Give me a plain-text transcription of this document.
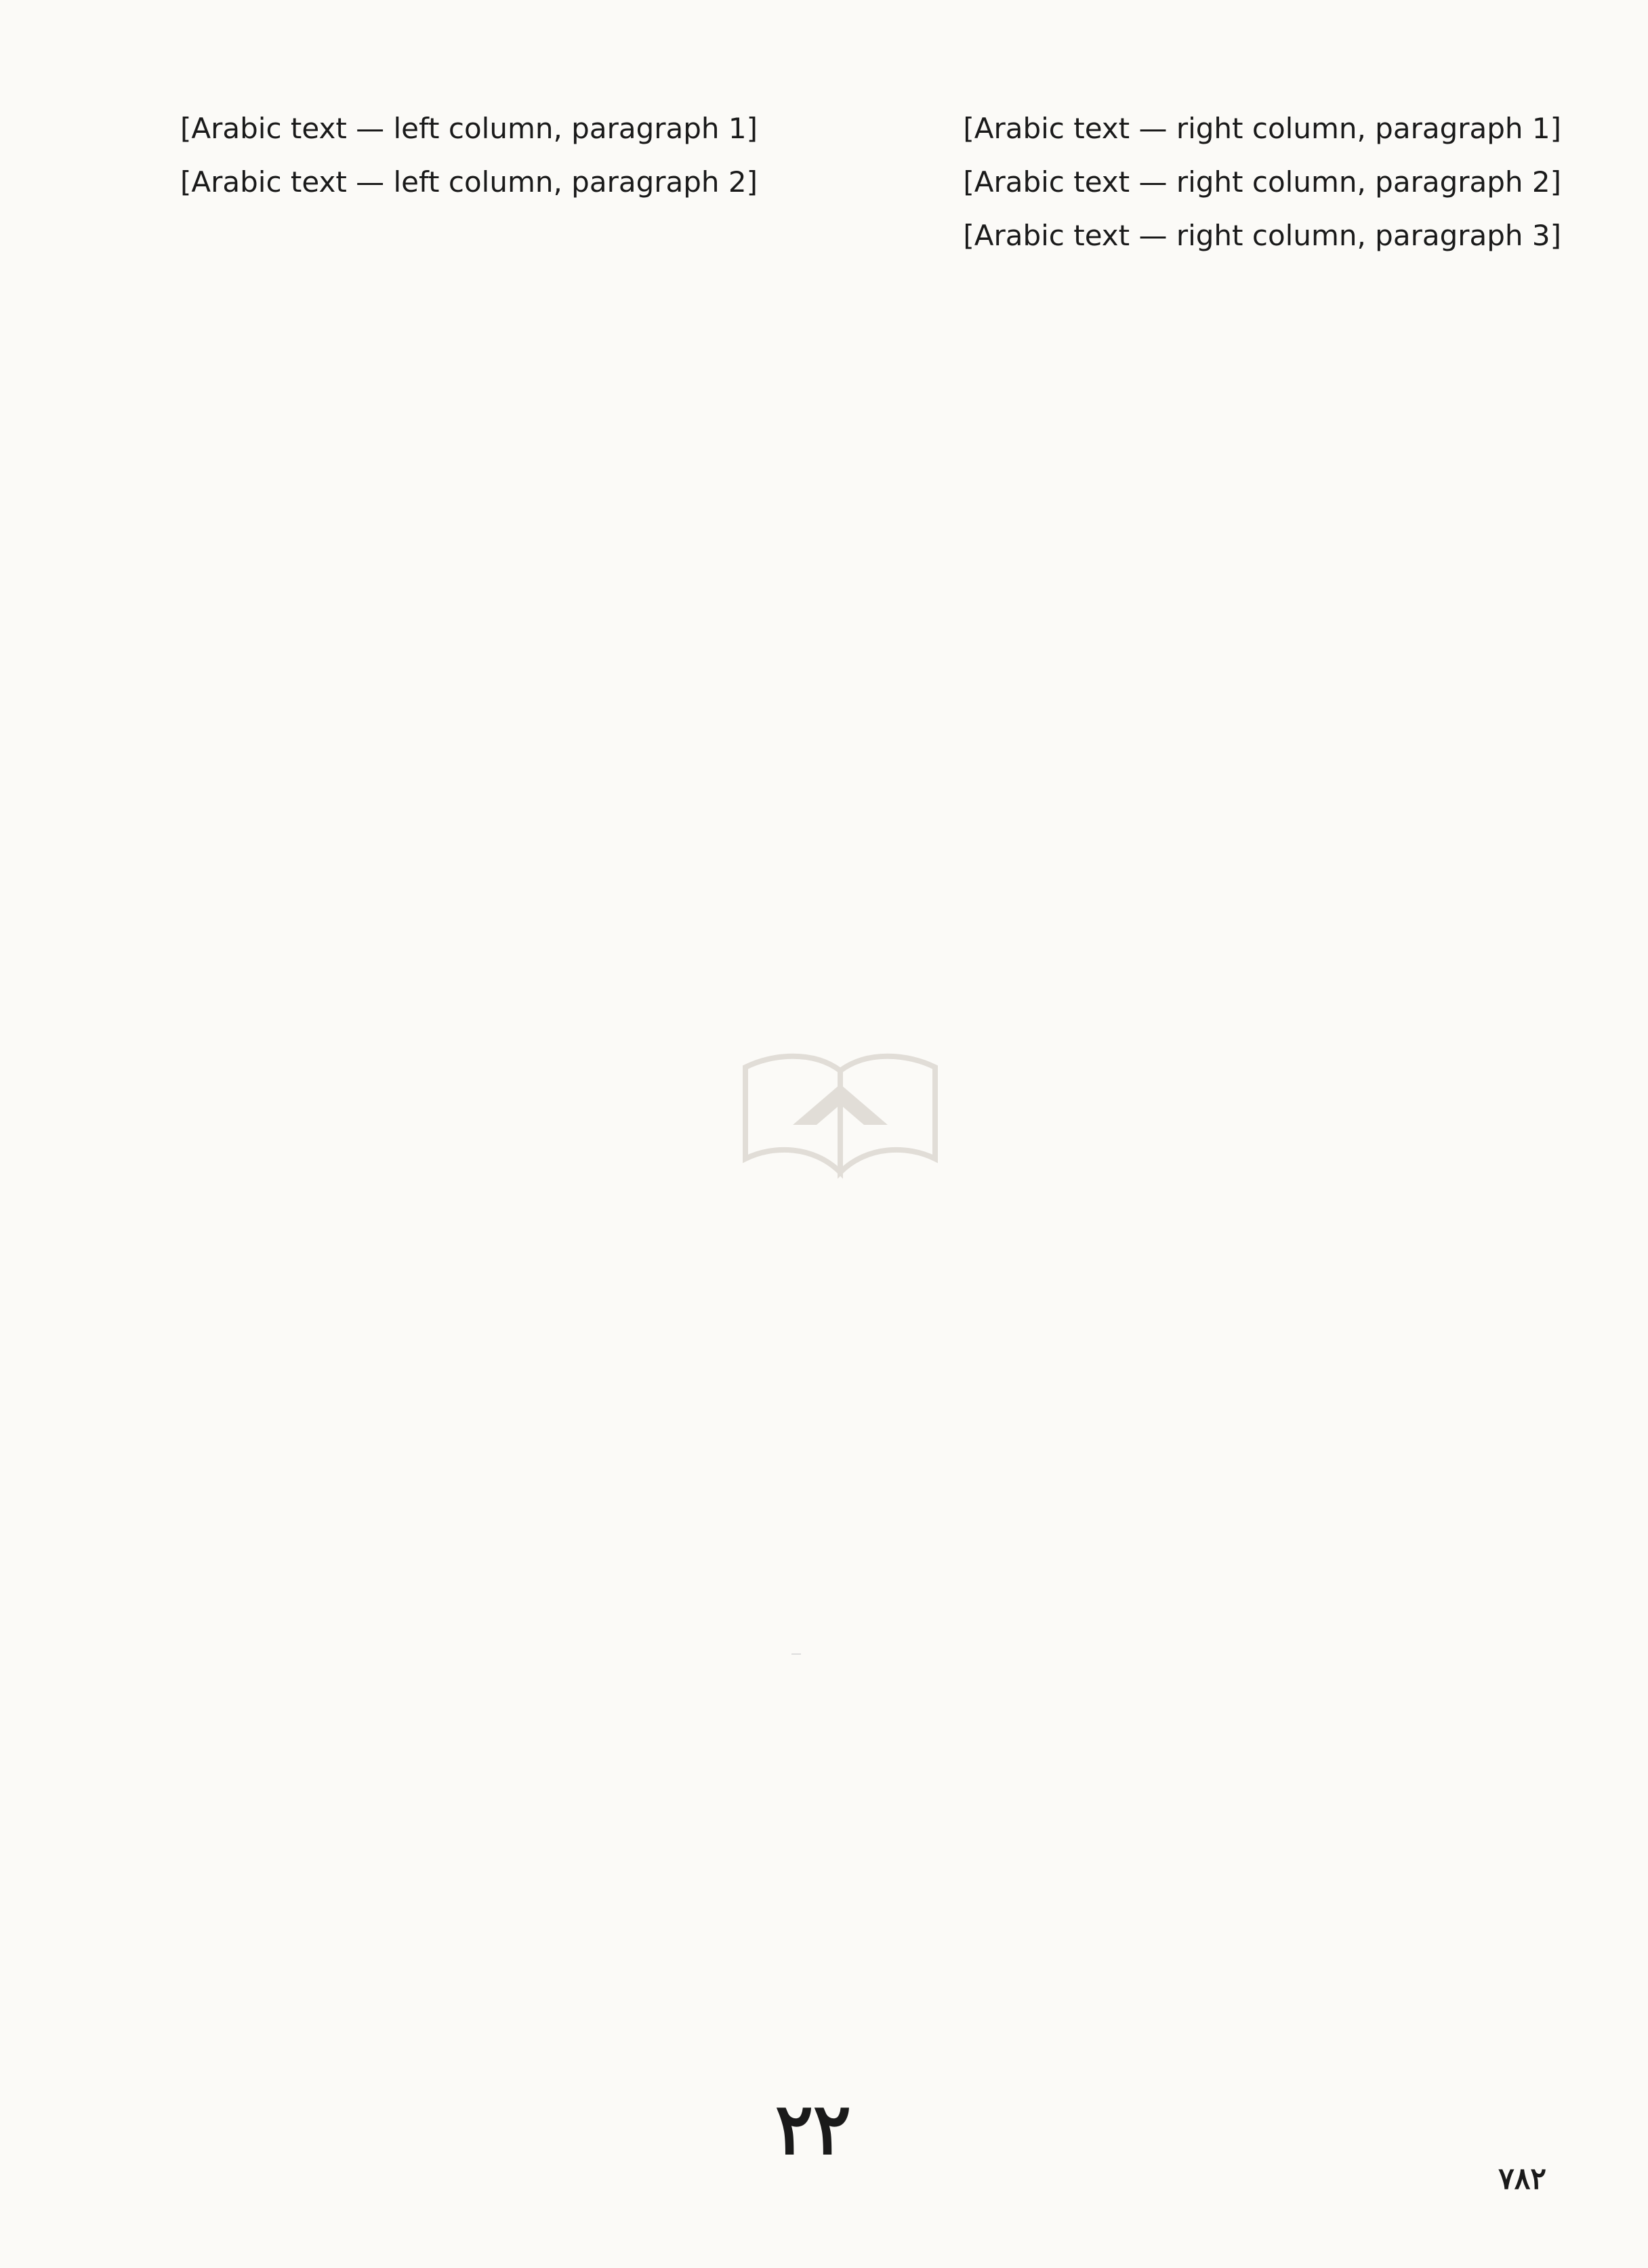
[Arabic text — right column, paragraph 1]

[Arabic text — right column, paragraph 2]

[Arabic text — right column, paragraph 3]

[Arabic text — left column, paragraph 1]

[Arabic text — left column, paragraph 2]

٢٢
٧٨٢
